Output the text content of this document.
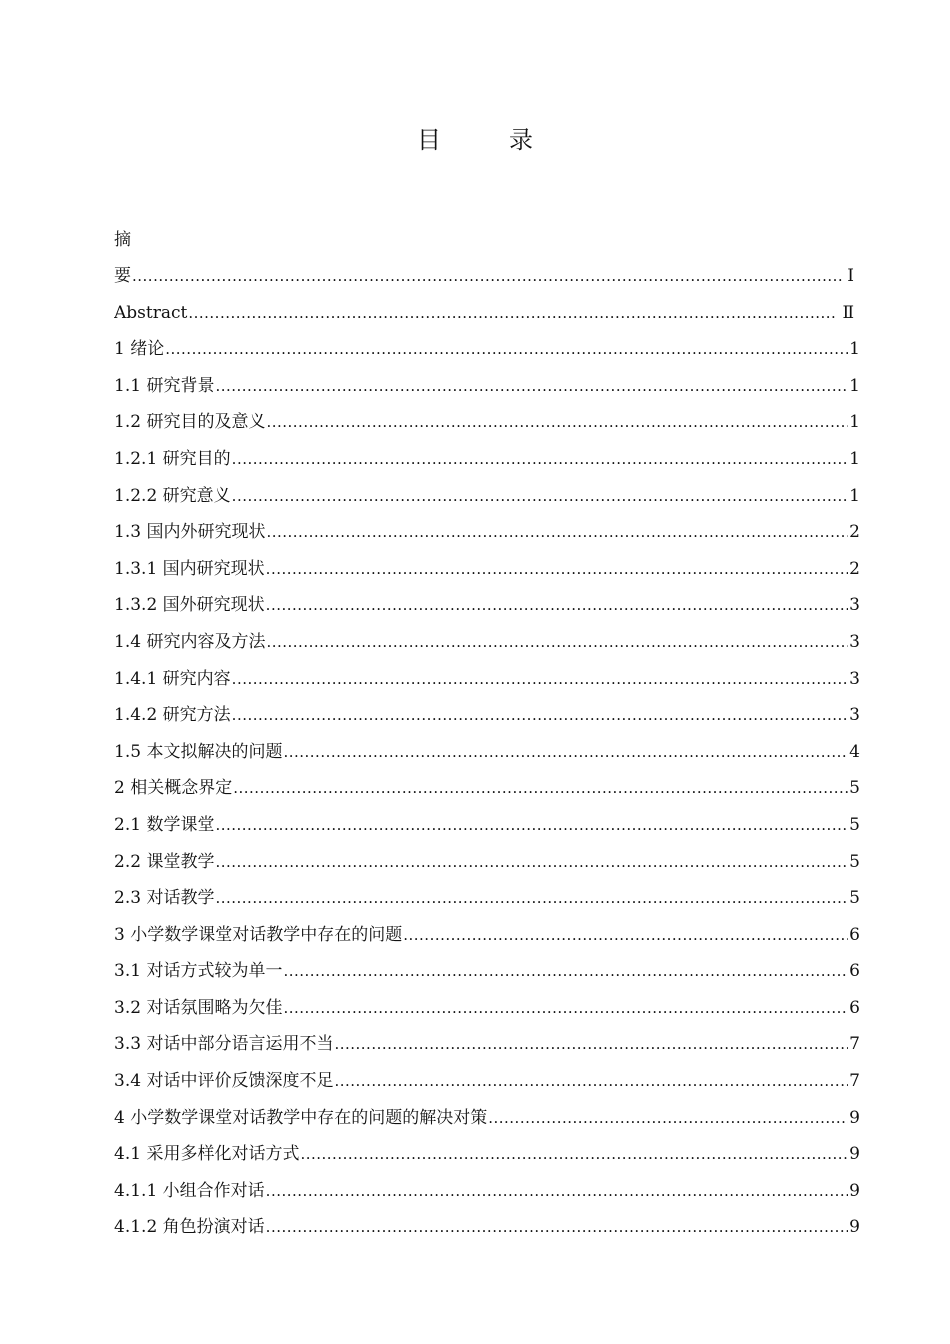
目　录
摘
要 .....	Ⅰ
Abstract .....	Ⅱ
1 绪论 .....	1
1.1 研究背景 .....	1
1.2 研究目的及意义 .....	1
1.2.1 研究目的 .....	1
1.2.2 研究意义 .....	1
1.3 国内外研究现状 .....	2
1.3.1 国内研究现状 .....	2
1.3.2 国外研究现状 .....	3
1.4 研究内容及方法 .....	3
1.4.1 研究内容 .....	3
1.4.2 研究方法 .....	3
1.5 本文拟解决的问题 .....	4
2 相关概念界定 .....	5
2.1 数学课堂 .....	5
2.2 课堂教学 .....	5
2.3 对话教学 .....	5
3 小学数学课堂对话教学中存在的问题 .....	6
3.1 对话方式较为单一 .....	6
3.2 对话氛围略为欠佳 .....	6
3.3 对话中部分语言运用不当 .....	7
3.4 对话中评价反馈深度不足 .....	7
4 小学数学课堂对话教学中存在的问题的解决对策 .....	9
4.1 采用多样化对话方式 .....	9
4.1.1 小组合作对话 .....	9
4.1.2 角色扮演对话 .....	9
